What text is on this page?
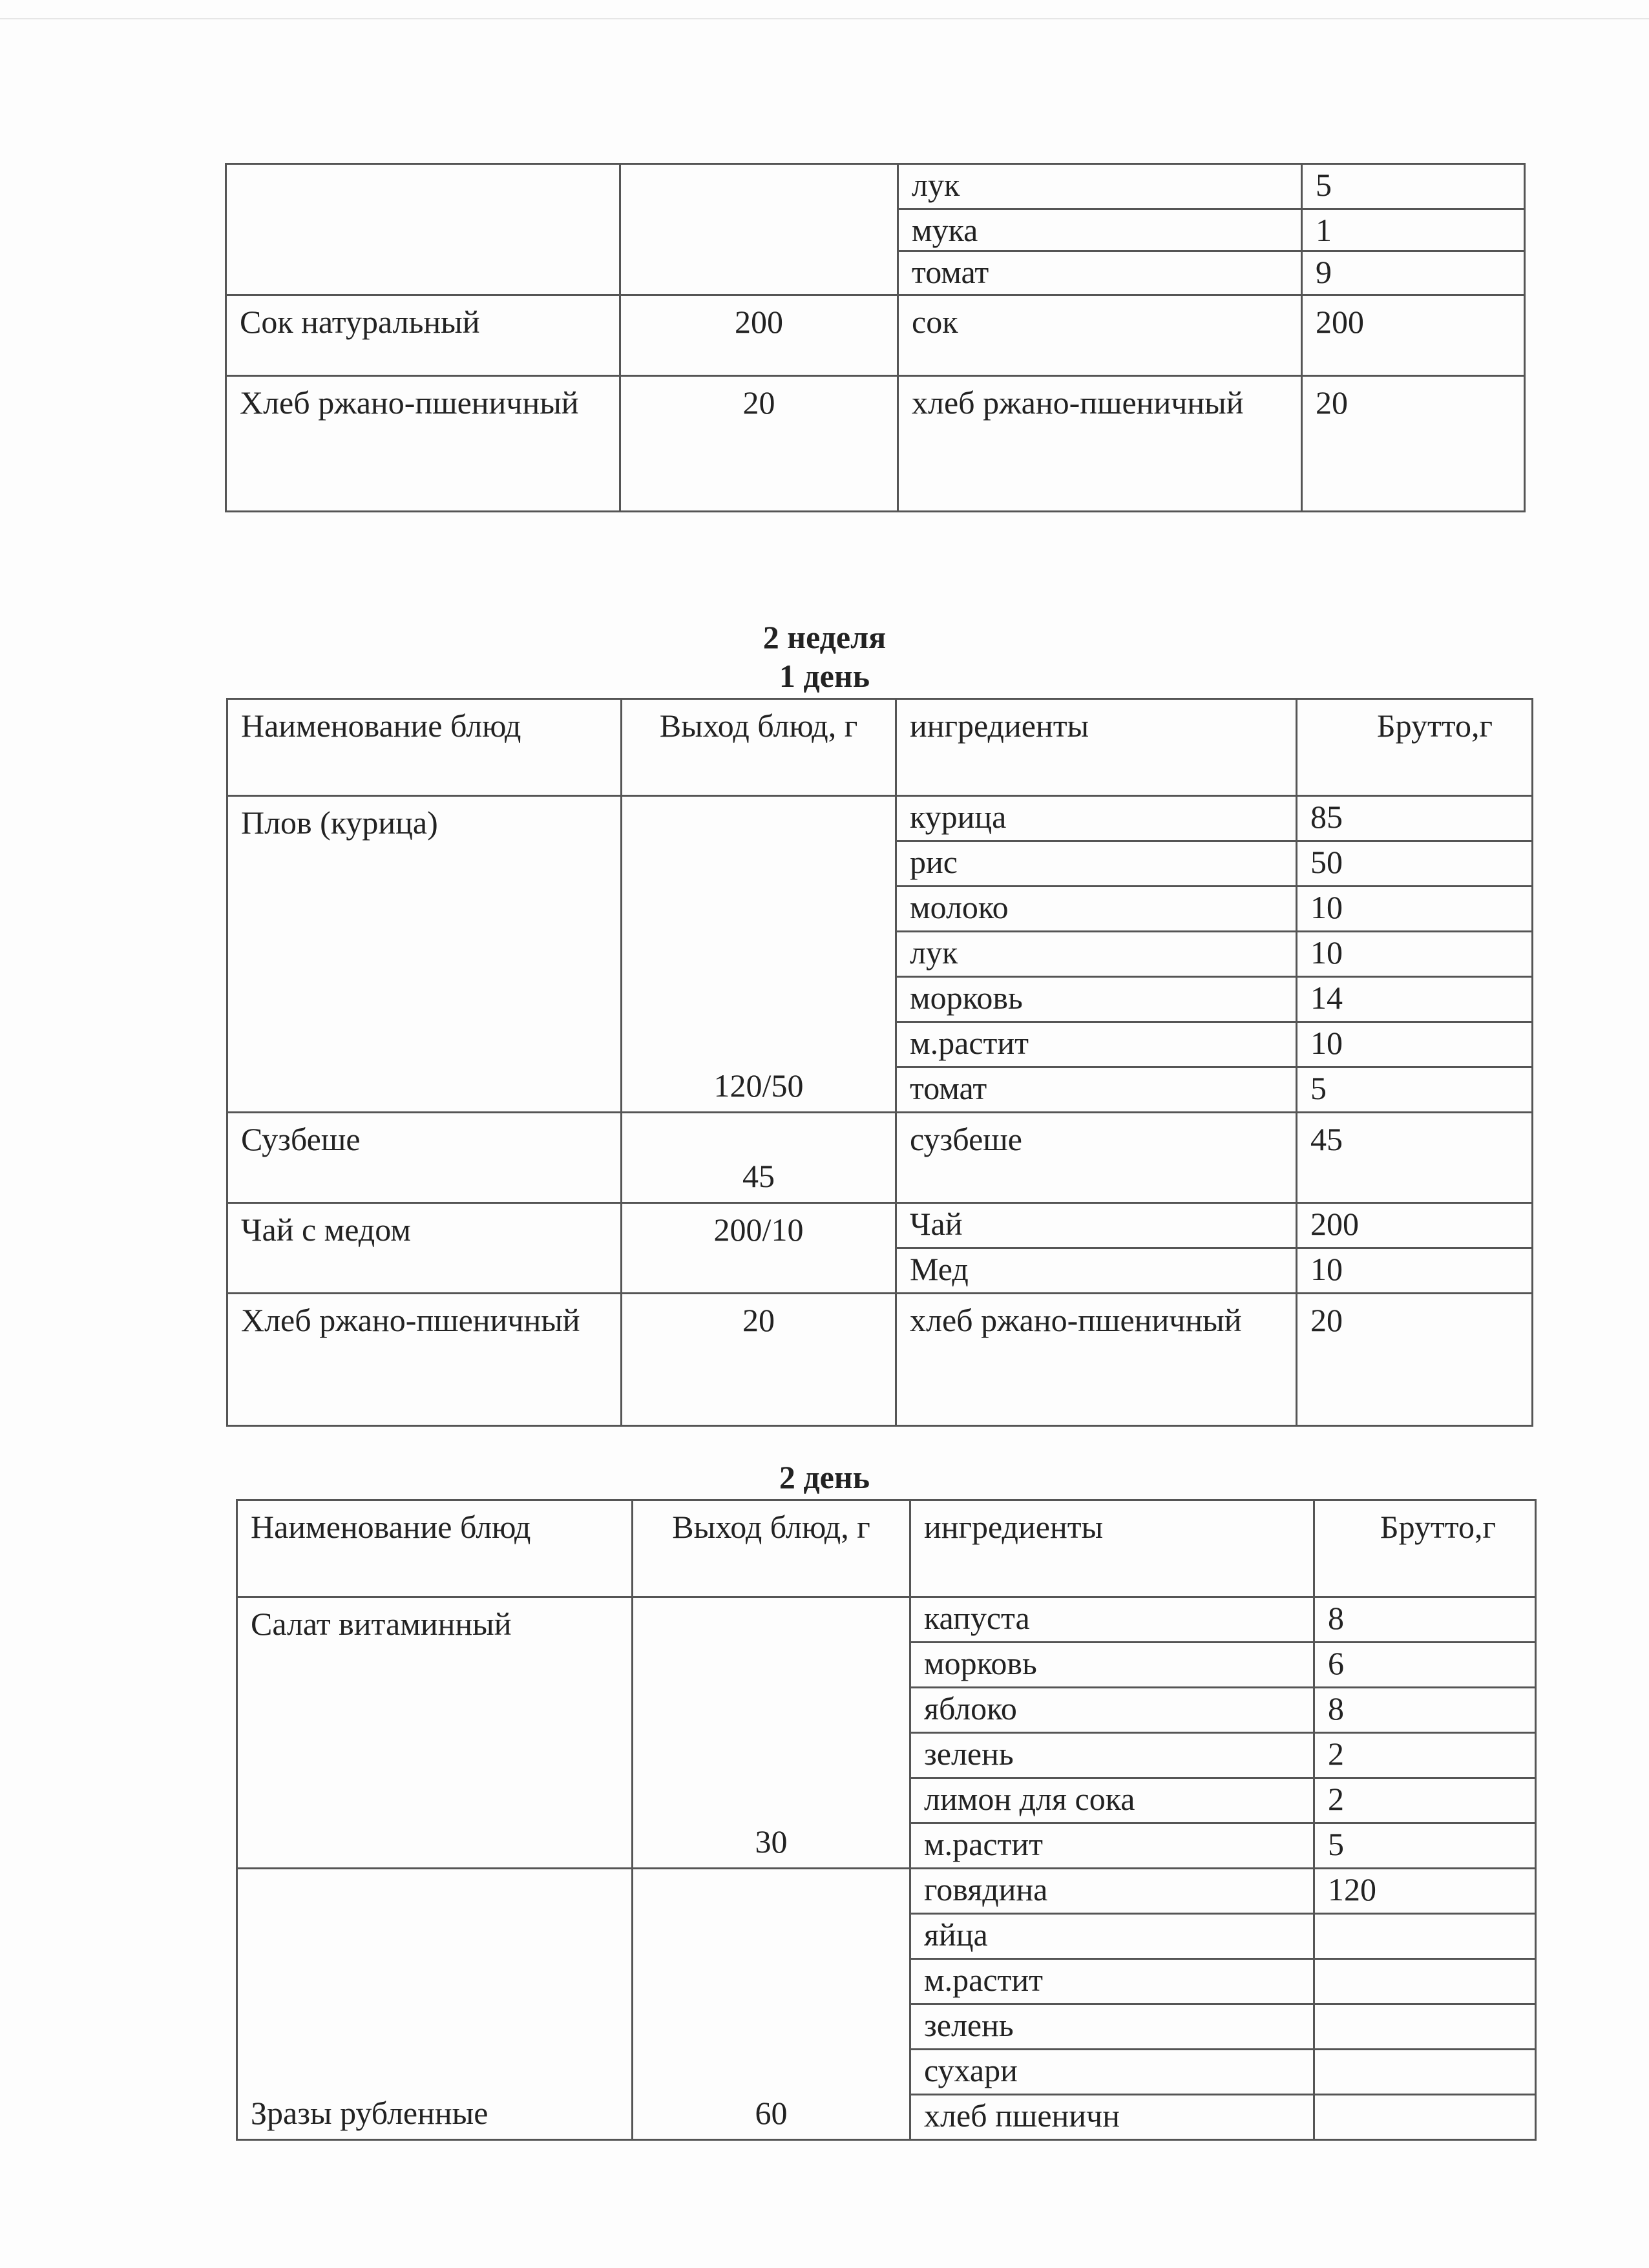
		лук	5
		мука	1
		томат	9
Сок натуральный	200	сок	200
Хлеб ржано-пшеничный	20	хлеб ржано-пшеничный	20
2 неделя
1 день
Наименование блюд	Выход блюд, г	ингредиенты	Брутто,г
Плов (курица)	120/50	курица	85
		рис	50
		молоко	10
		лук	10
		морковь	14
		м.растит	10
		томат	5
Сузбеше	45	сузбеше	45
Чай с медом	200/10	Чай	200
		Мед	10
Хлеб ржано-пшеничный	20	хлеб ржано-пшеничный	20
2 день
Наименование блюд	Выход блюд, г	ингредиенты	Брутто,г
Салат витаминный	30	капуста	8
		морковь	6
		яблоко	8
		зелень	2
		лимон для сока	2
		м.растит	5
Зразы рубленные	60	говядина	120
		яйца	
		м.растит	
		зелень	
		сухари	
		хлеб пшеничн	
